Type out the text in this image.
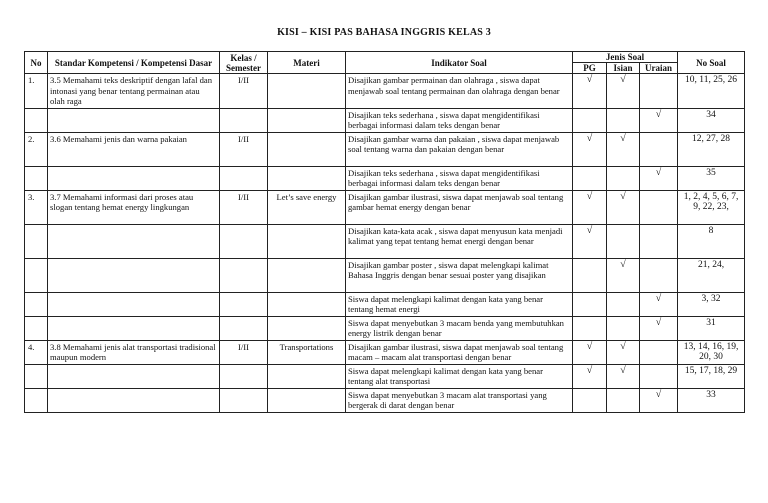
KISI – KISI PAS BAHASA INGGRIS KELAS 3
No	Standar Kompetensi / Kompetensi Dasar	Kelas / Semester	Materi	Indikator Soal	Jenis Soal			No Soal
					PG	Isian	Uraian	
1.	3.5 Memahami teks deskriptif dengan lafal dan intonasi yang benar tentang permainan atau olah raga	I/II		Disajikan gambar permainan dan olahraga , siswa dapat menjawab soal tentang permainan dan olahraga dengan benar	√	√		10, 11, 25, 26
				Disajikan teks sederhana , siswa dapat mengidentifikasi berbagai informasi dalam teks dengan benar			√	34
2.	3.6 Memahami jenis dan warna pakaian	I/II		Disajikan gambar warna dan pakaian , siswa dapat menjawab soal tentang warna dan pakaian dengan benar	√	√		12, 27, 28
				Disajikan teks sederhana , siswa dapat mengidentifikasi berbagai informasi dalam teks dengan benar			√	35
3.	3.7 Memahami informasi dari proses atau slogan tentang hemat energy lingkungan	I/II	Let’s save energy	Disajikan gambar ilustrasi, siswa dapat menjawab soal tentang gambar hemat energy dengan benar	√	√		1, 2, 4, 5, 6, 7, 9, 22, 23,
				Disajikan kata-kata acak , siswa dapat menyusun kata menjadi kalimat yang tepat tentang hemat energi dengan benar	√			8
				Disajikan gambar poster , siswa dapat melengkapi kalimat Bahasa Inggris dengan benar sesuai poster yang disajikan		√		21, 24,
				Siswa dapat melengkapi kalimat dengan kata yang benar tentang hemat energi			√	3, 32
				Siswa dapat menyebutkan 3 macam benda yang membutuhkan energy listrik dengan benar			√	31
4.	3.8 Memahami jenis alat transportasi tradisional maupun modern	I/II	Transportations	Disajikan gambar ilustrasi, siswa dapat menjawab soal tentang macam – macam alat transportasi dengan benar	√	√		13, 14, 16, 19, 20, 30
				Siswa dapat melengkapi kalimat dengan kata yang benar tentang alat transportasi	√	√		15, 17, 18, 29
				Siswa dapat menyebutkan 3 macam alat transportasi yang bergerak di darat dengan benar			√	33
